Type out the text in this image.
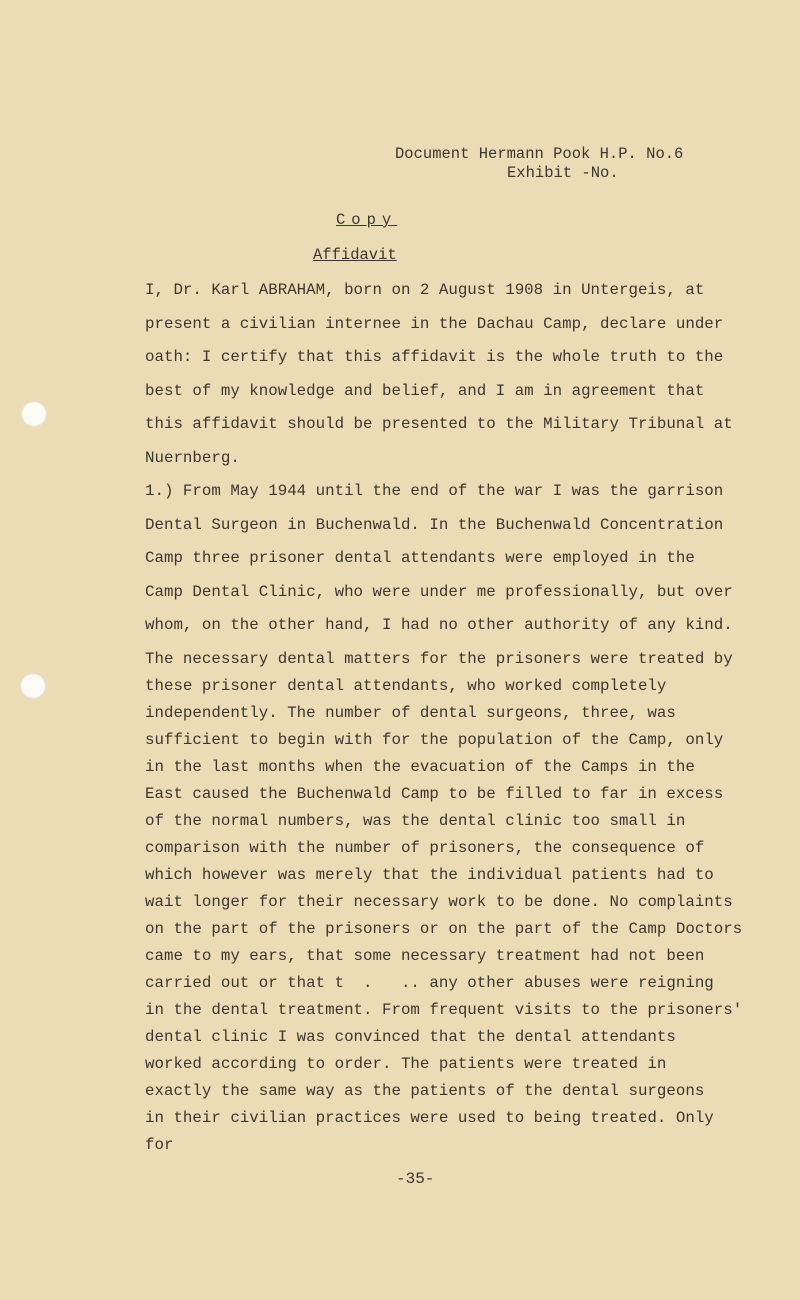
Document Hermann Pook H.P. No.6
Exhibit -No.
Copy
Affidavit
I, Dr. Karl ABRAHAM, born on 2 August 1908 in Untergeis, at
present a civilian internee in the Dachau Camp, declare under
oath: I certify that this affidavit is the whole truth to the
best of my knowledge and belief, and I am in agreement that
this affidavit should be presented to the Military Tribunal at
Nuernberg.
1.) From May 1944 until the end of the war I was the garrison
Dental Surgeon in Buchenwald. In the Buchenwald Concentration
Camp three prisoner dental attendants were employed in the
Camp Dental Clinic, who were under me professionally, but over
whom, on the other hand, I had no other authority of any kind.
The necessary dental matters for the prisoners were treated by
these prisoner dental attendants, who worked completely
independently. The number of dental surgeons, three, was
sufficient to begin with for the population of the Camp, only
in the last months when the evacuation of the Camps in the
East caused the Buchenwald Camp to be filled to far in excess
of the normal numbers, was the dental clinic too small in
comparison with the number of prisoners, the consequence of
which however was merely that the individual patients had to
wait longer for their necessary work to be done. No complaints
on the part of the prisoners or on the part of the Camp Doctors
came to my ears, that some necessary treatment had not been
carried out or that t  .   .. any other abuses were reigning
in the dental treatment. From frequent visits to the prisoners'
dental clinic I was convinced that the dental attendants
worked according to order. The patients were treated in
exactly the same way as the patients of the dental surgeons
in their civilian practices were used to being treated. Only
for
-35-
